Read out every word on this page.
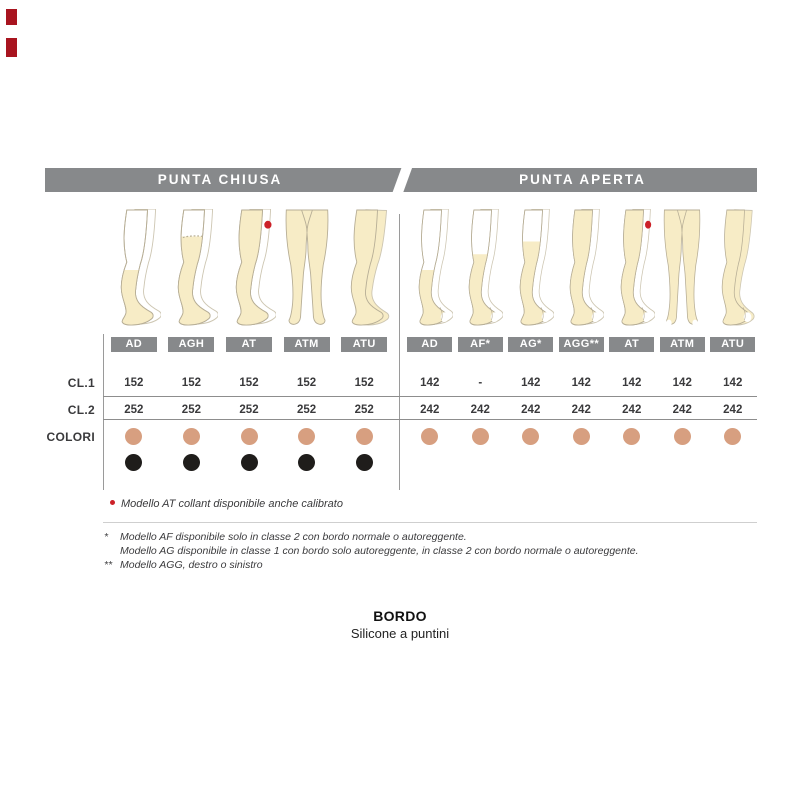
PUNTA CHIUSA	PUNTA APERTA
CL.1
CL.2
COLORI
Modello AT collant disponibile anche calibrato
*	Modello AF disponibile solo in classe 2 con bordo normale o autoreggente.
Modello AG disponibile in classe 1 con bordo solo autoreggente, in classe 2 con bordo normale o autoreggente.
** Modello AGG, destro o sinistro
BORDO
Silicone a puntini
AD
152
252
AGH
152
252
AT
152
252
ATM
152
252
ATU
152
252
AD
142
242
AF*
-
242
AG*
142
242
AGG**
142
242
AT
142
242
ATM
142
242
ATU
142
242
